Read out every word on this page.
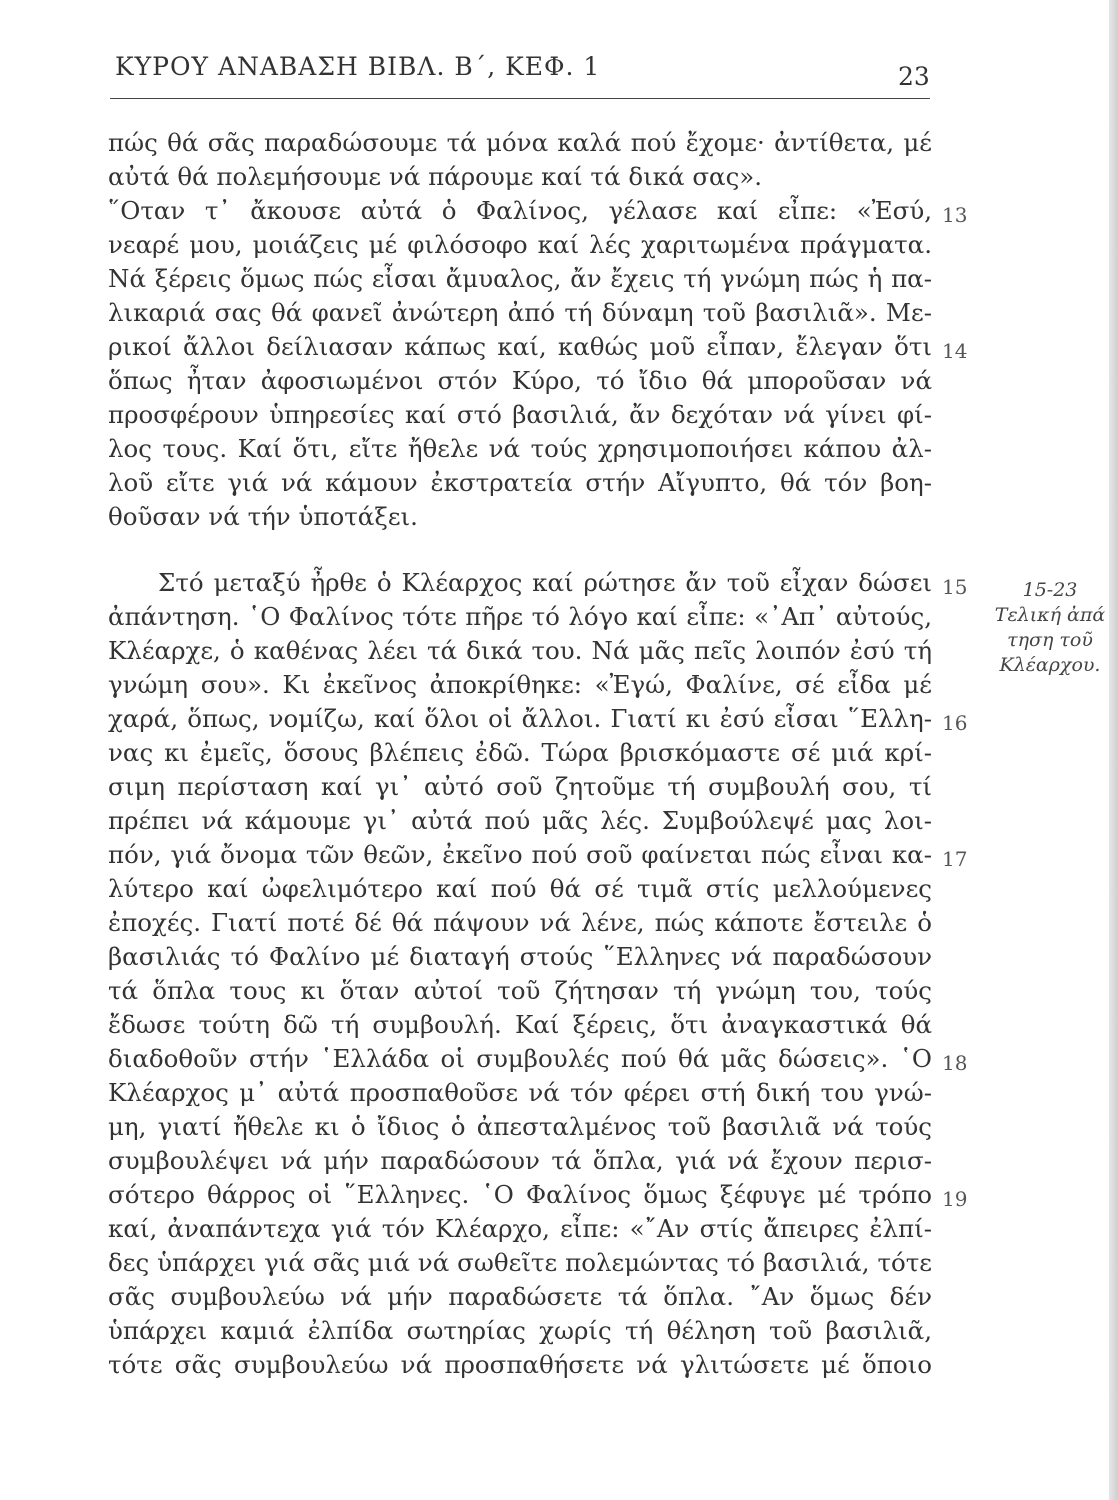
ΚΥΡΟΥ ΑΝΑΒΑΣΗ ΒΙΒΛ. Β΄, ΚΕΦ. 1	23
πώς θά σᾶς παραδώσουμε τά μόνα καλά πού ἔχομε· ἀντίθετα, μέ
αὐτά θά πολεμήσουμε νά πάρουμε καί τά δικά σας».
῞Οταν τ᾽ ἄκουσε αὐτά ὁ Φαλίνος, γέλασε καί εἶπε: «Ἐσύ,
νεαρέ μου, μοιάζεις μέ φιλόσοφο καί λές χαριτωμένα πράγματα.
Νά ξέρεις ὅμως πώς εἶσαι ἄμυαλος, ἄν ἔχεις τή γνώμη πώς ἡ πα-
λικαριά σας θά φανεῖ ἀνώτερη ἀπό τή δύναμη τοῦ βασιλιᾶ». Με-
ρικοί ἄλλοι δείλιασαν κάπως καί, καθώς μοῦ εἶπαν, ἔλεγαν ὅτι
ὅπως ἦταν ἀφοσιωμένοι στόν Κύρο, τό ἴδιο θά μποροῦσαν νά
προσφέρουν ὑπηρεσίες καί στό βασιλιά, ἄν δεχόταν νά γίνει φί-
λος τους. Καί ὅτι, εἴτε ἤθελε νά τούς χρησιμοποιήσει κάπου ἀλ-
λοῦ εἴτε γιά νά κάμουν ἐκστρατεία στήν Αἴγυπτο, θά τόν βοη-
θοῦσαν νά τήν ὑποτάξει.
Στό μεταξύ ἦρθε ὁ Κλέαρχος καί ρώτησε ἄν τοῦ εἶχαν δώσει
ἀπάντηση. ῾Ο Φαλίνος τότε πῆρε τό λόγο καί εἶπε: «᾽Απ᾽ αὐτούς,
Κλέαρχε, ὁ καθένας λέει τά δικά του. Νά μᾶς πεῖς λοιπόν ἐσύ τή
γνώμη σου». Κι ἐκεῖνος ἀποκρίθηκε: «Ἐγώ, Φαλίνε, σέ εἶδα μέ
χαρά, ὅπως, νομίζω, καί ὅλοι οἱ ἄλλοι. Γιατί κι ἐσύ εἶσαι ῞Ελλη-
νας κι ἐμεῖς, ὅσους βλέπεις ἐδῶ. Τώρα βρισκόμαστε σέ μιά κρί-
σιμη περίσταση καί γι᾽ αὐτό σοῦ ζητοῦμε τή συμβουλή σου, τί
πρέπει νά κάμουμε γι᾽ αὐτά πού μᾶς λές. Συμβούλεψέ μας λοι-
πόν, γιά ὄνομα τῶν θεῶν, ἐκεῖνο πού σοῦ φαίνεται πώς εἶναι κα-
λύτερο καί ὠφελιμότερο καί πού θά σέ τιμᾶ στίς μελλούμενες
ἐποχές. Γιατί ποτέ δέ θά πάψουν νά λένε, πώς κάποτε ἔστειλε ὁ
βασιλιάς τό Φαλίνο μέ διαταγή στούς ῞Ελληνες νά παραδώσουν
τά ὅπλα τους κι ὅταν αὐτοί τοῦ ζήτησαν τή γνώμη του, τούς
ἔδωσε τούτη δῶ τή συμβουλή. Καί ξέρεις, ὅτι ἀναγκαστικά θά
διαδοθοῦν στήν ῾Ελλάδα οἱ συμβουλές πού θά μᾶς δώσεις». ῾Ο
Κλέαρχος μ᾽ αὐτά προσπαθοῦσε νά τόν φέρει στή δική του γνώ-
μη, γιατί ἤθελε κι ὁ ἴδιος ὁ ἀπεσταλμένος τοῦ βασιλιᾶ νά τούς
συμβουλέψει νά μήν παραδώσουν τά ὅπλα, γιά νά ἔχουν περισ-
σότερο θάρρος οἱ ῞Ελληνες. ῾Ο Φαλίνος ὅμως ξέφυγε μέ τρόπο
καί, ἀναπάντεχα γιά τόν Κλέαρχο, εἶπε: «῎Αν στίς ἄπειρες ἐλπί-
δες ὑπάρχει γιά σᾶς μιά νά σωθεῖτε πολεμώντας τό βασιλιά, τότε
σᾶς συμβουλεύω νά μήν παραδώσετε τά ὅπλα. ῎Αν ὅμως δέν
ὑπάρχει καμιά ἐλπίδα σωτηρίας χωρίς τή θέληση τοῦ βασιλιᾶ,
τότε σᾶς συμβουλεύω νά προσπαθήσετε νά γλιτώσετε μέ ὅποιο
13
14
15
16
17
18
19
15-23
Τελική ἀπά
τηση τοῦ
Κλέαρχου.
